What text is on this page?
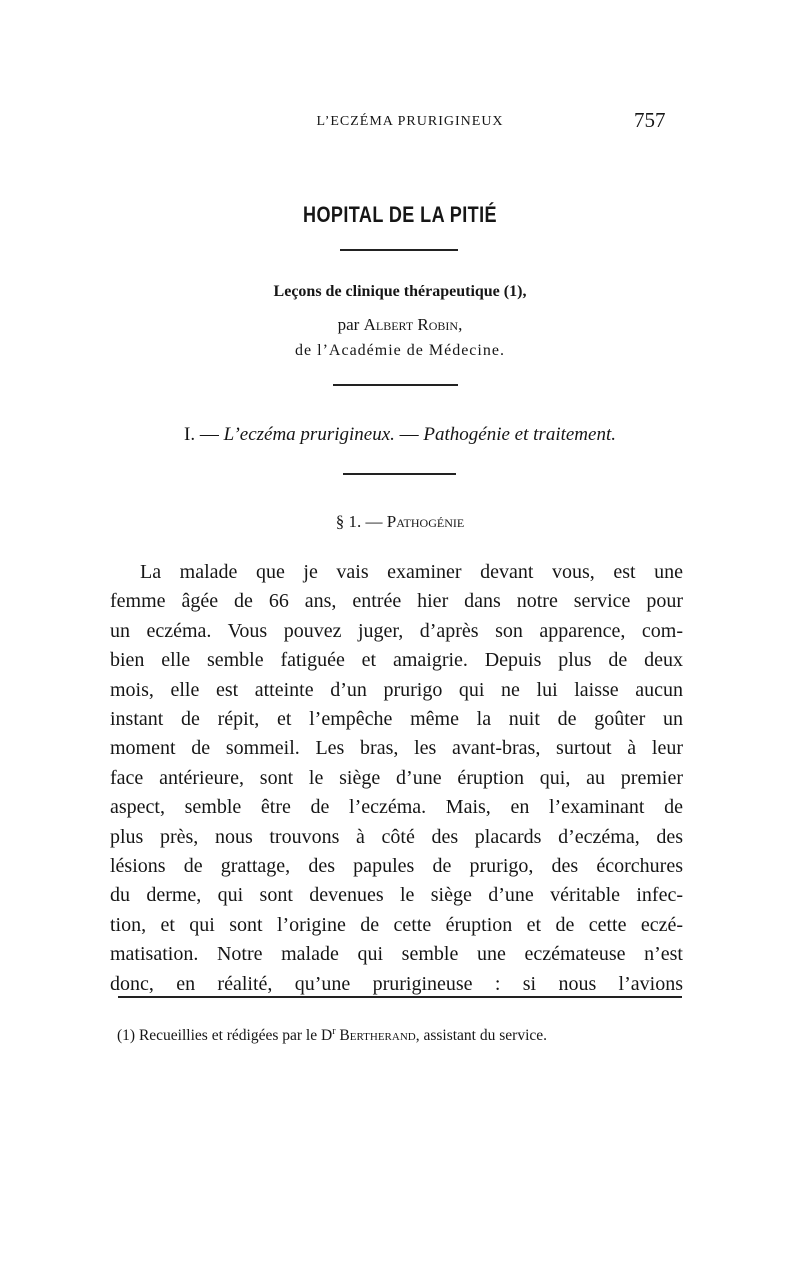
L’ECZÉMA PRURIGINEUX	757
HOPITAL DE LA PITIÉ
Leçons de clinique thérapeutique (1),
par Albert Robin,
de l’Académie de Médecine.
I. — L’eczéma prurigineux. — Pathogénie et traitement.
§ 1. — Pathogénie

La malade que je vais examiner devant vous, est une

femme âgée de 66 ans, entrée hier dans notre service pour

un eczéma. Vous pouvez juger, d’après son apparence, com-

bien elle semble fatiguée et amaigrie. Depuis plus de deux

mois, elle est atteinte d’un prurigo qui ne lui laisse aucun

instant de répit, et l’empêche même la nuit de goûter un

moment de sommeil. Les bras, les avant-bras, surtout à leur

face antérieure, sont le siège d’une éruption qui, au premier

aspect, semble être de l’eczéma. Mais, en l’examinant de

plus près, nous trouvons à côté des placards d’eczéma, des

lésions de grattage, des papules de prurigo, des écorchures

du derme, qui sont devenues le siège d’une véritable infec-

tion, et qui sont l’origine de cette éruption et de cette eczé-

matisation. Notre malade qui semble une eczémateuse n’est

donc, en réalité, qu’une prurigineuse : si nous l’avions

(1) Recueillies et rédigées par le D$^r$ Bertherand, assistant du service.
